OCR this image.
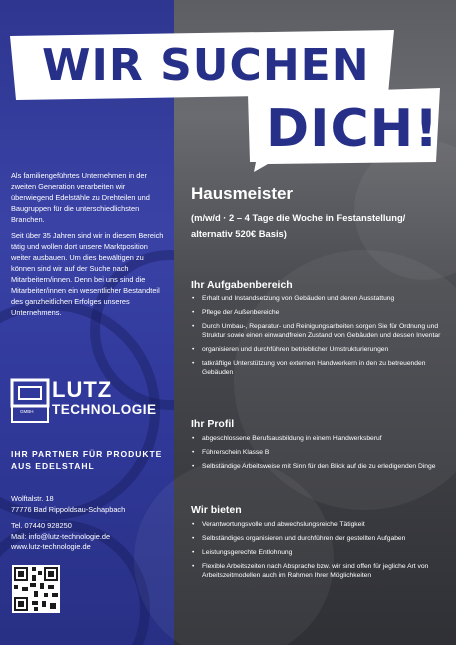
WIR SUCHEN
DICH!
Als familiengeführtes Unternehmen in der zweiten Generation verarbeiten wir überwiegend Edelstähle zu Drehteilen und Baugruppen für die unterschiedlichsten Branchen.
Seit über 35 Jahren sind wir in diesem Bereich tätig und wollen dort unsere Marktposition weiter ausbauen. Um dies bewältigen zu können sind wir auf der Suche nach Mitarbeitern/innen. Denn bei uns sind die Mitarbeiter/innen ein wesentlicher Bestandteil des ganzheitlichen Erfolges unseres Unternehmens.
GMBH
LUTZ
TECHNOLOGIE
IHR PARTNER FÜR PRODUKTE AUS EDELSTAHL
Wolftalstr. 18
77776 Bad Rippoldsau-Schapbach
Tel. 07440 928250
Mail: info@lutz-technologie.de
www.lutz-technologie.de
Hausmeister
(m/w/d · 2 – 4 Tage die Woche in Festanstellung/ alternativ 520€ Basis)
Ihr Aufgabenbereich
• Erhalt und Instandsetzung von Gebäuden und deren Ausstattung
• Pflege der Außenbereiche
• Durch Umbau-, Reparatur- und Reinigungsarbeiten sorgen Sie für Ordnung und Struktur sowie einen einwandfreien Zustand von Gebäuden und dessen Inventar
• organisieren und durchführen betrieblicher Umstrukturierungen
• tatkräftige Unterstützung von externen Handwerkern in den zu betreuenden Gebäuden
Ihr Profil
• abgeschlossene Berufsausbildung in einem Handwerksberuf
• Führerschein Klasse B
• Selbständige Arbeitsweise mit Sinn für den Blick auf die zu erledigenden Dinge
Wir bieten
• Verantwortungsvolle und abwechslungsreiche Tätigkeit
• Selbständiges organisieren und durchführen der gestellten Aufgaben
• Leistungsgerechte Entlohnung
• Flexible Arbeitszeiten nach Absprache bzw. wir sind offen für jegliche Art von Arbeitszeitmodellen auch im Rahmen Ihrer Möglichkeiten
